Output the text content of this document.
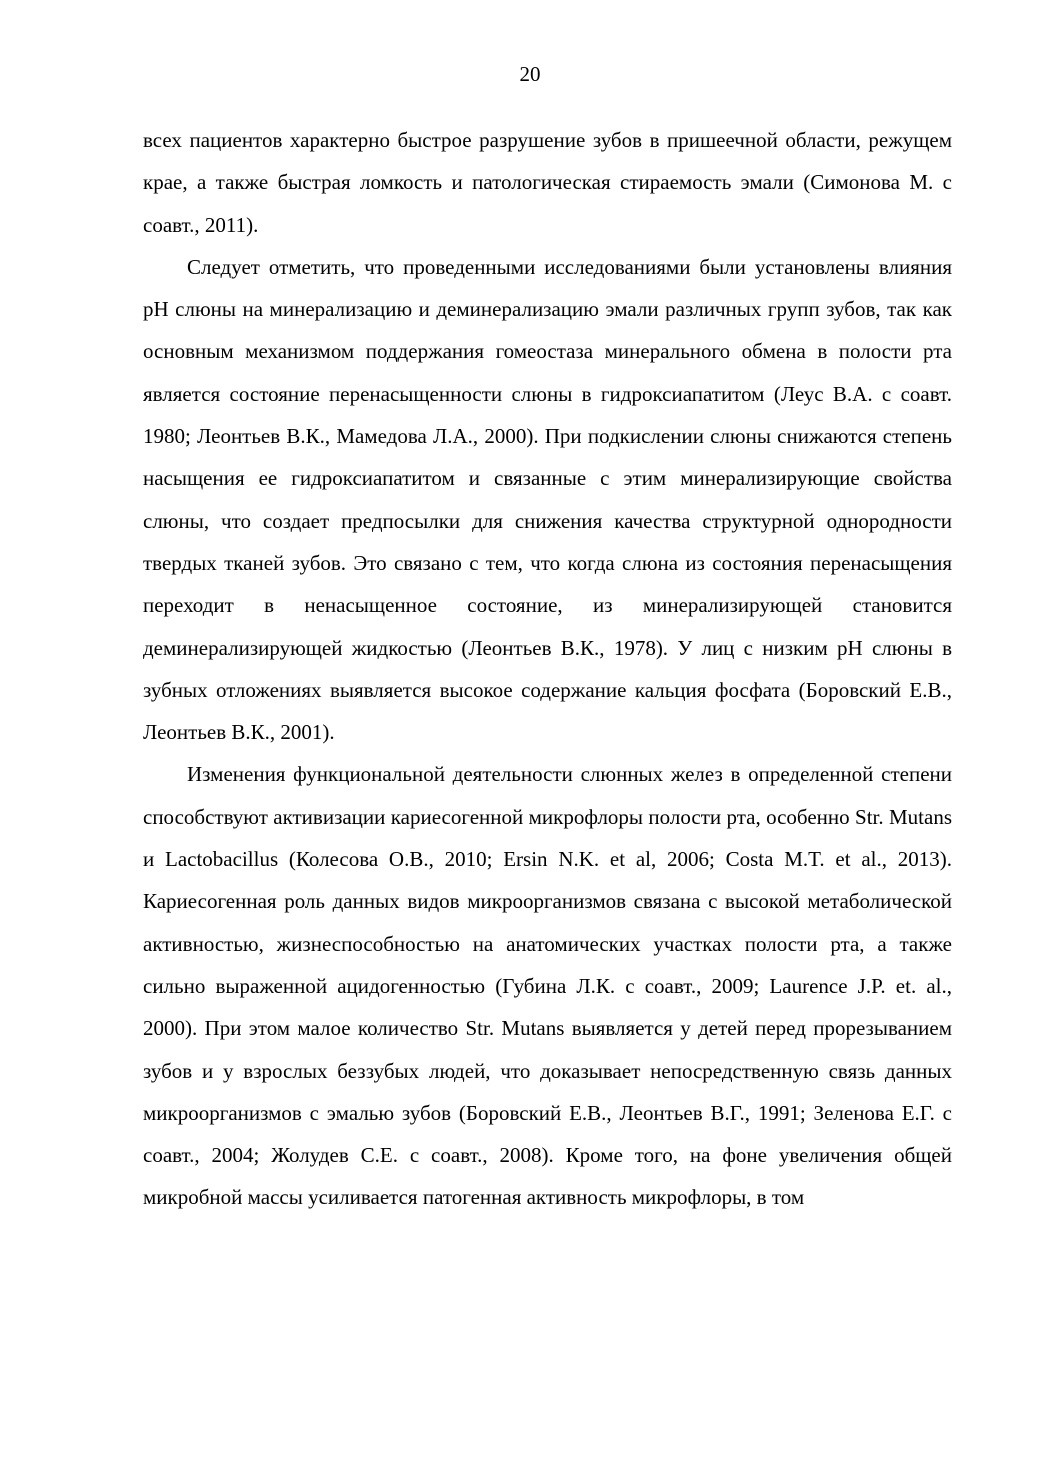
20

всех пациентов характерно быстрое разрушение зубов в пришеечной области, режущем крае, а также быстрая ломкость и патологическая стираемость эмали (Симонова М. с соавт., 2011).

Следует отметить, что проведенными исследованиями были установлены влияния pH слюны на минерализацию и деминерализацию эмали различных групп зубов, так как основным механизмом поддержания гомеостаза минерального обмена в полости рта является состояние перенасыщенности слюны в гидроксиапатитом (Леус В.А. с соавт. 1980; Леонтьев В.К., Мамедова Л.А., 2000). При подкислении слюны снижаются степень насыщения ее гидроксиапатитом и связанные с этим минерализирующие свойства слюны, что создает предпосылки для снижения качества структурной однородности твердых тканей зубов. Это связано с тем, что когда слюна из состояния перенасыщения переходит в ненасыщенное состояние, из минерализирующей становится деминерализирующей жидкостью (Леонтьев В.К., 1978). У лиц с низким pH слюны в зубных отложениях выявляется высокое содержание кальция фосфата (Боровский Е.В., Леонтьев В.К., 2001).

Изменения функциональной деятельности слюнных желез в определенной степени способствуют активизации кариесогенной микрофлоры полости рта, особенно Str. Mutans и Lactobacillus (Колесова О.В., 2010; Ersin N.K. et al, 2006; Costa M.T. et al., 2013). Кариесогенная роль данных видов микроорганизмов связана с высокой метаболической активностью, жизнеспособностью на анатомических участках полости рта, а также сильно выраженной ацидогенностью (Губина Л.К. с соавт., 2009; Laurence J.P. et. al., 2000). При этом малое количество Str. Mutans выявляется у детей перед прорезыванием зубов и у взрослых беззубых людей, что доказывает непосредственную связь данных микроорганизмов с эмалью зубов (Боровский Е.В., Леонтьев В.Г., 1991; Зеленова Е.Г. с соавт., 2004; Жолудев С.Е. с соавт., 2008). Кроме того, на фоне увеличения общей микробной массы усиливается патогенная активность микрофлоры, в том
